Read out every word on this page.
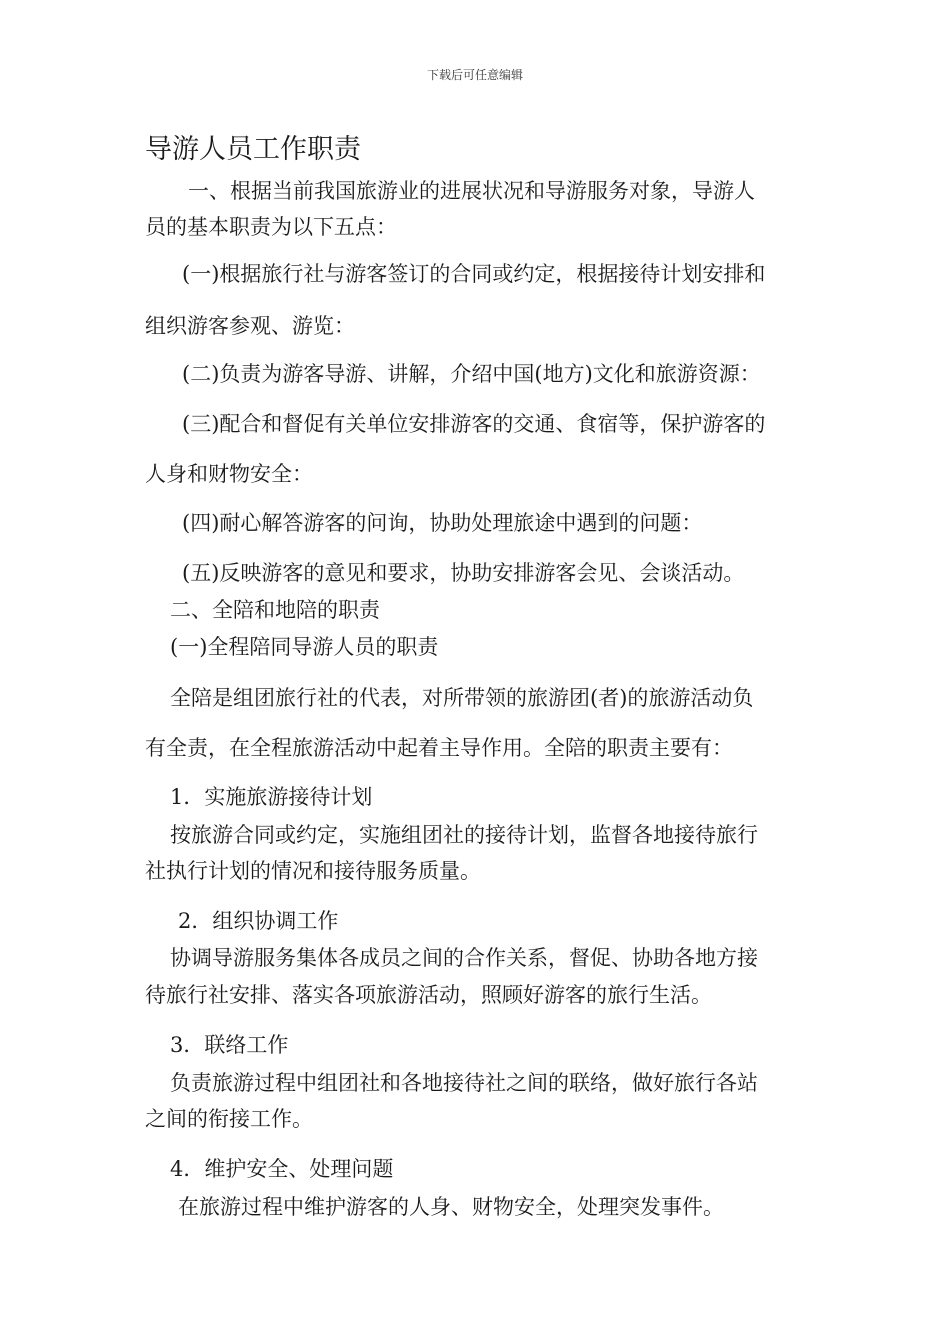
下载后可任意编辑
导游人员工作职责
一、根据当前我国旅游业的进展状况和导游服务对象，导游人
员的基本职责为以下五点：
(一)根据旅行社与游客签订的合同或约定，根据接待计划安排和
组织游客参观、游览：
(二)负责为游客导游、讲解，介绍中国(地方)文化和旅游资源：
(三)配合和督促有关单位安排游客的交通、食宿等，保护游客的
人身和财物安全：
(四)耐心解答游客的问询，协助处理旅途中遇到的问题：
(五)反映游客的意见和要求，协助安排游客会见、会谈活动。
二、全陪和地陪的职责
(一)全程陪同导游人员的职责
全陪是组团旅行社的代表，对所带领的旅游团(者)的旅游活动负
有全责，在全程旅游活动中起着主导作用。全陪的职责主要有：
1．实施旅游接待计划
按旅游合同或约定，实施组团社的接待计划，监督各地接待旅行
社执行计划的情况和接待服务质量。
2．组织协调工作
协调导游服务集体各成员之间的合作关系，督促、协助各地方接
待旅行社安排、落实各项旅游活动，照顾好游客的旅行生活。
3．联络工作
负责旅游过程中组团社和各地接待社之间的联络，做好旅行各站
之间的衔接工作。
4．维护安全、处理问题
在旅游过程中维护游客的人身、财物安全，处理突发事件。
